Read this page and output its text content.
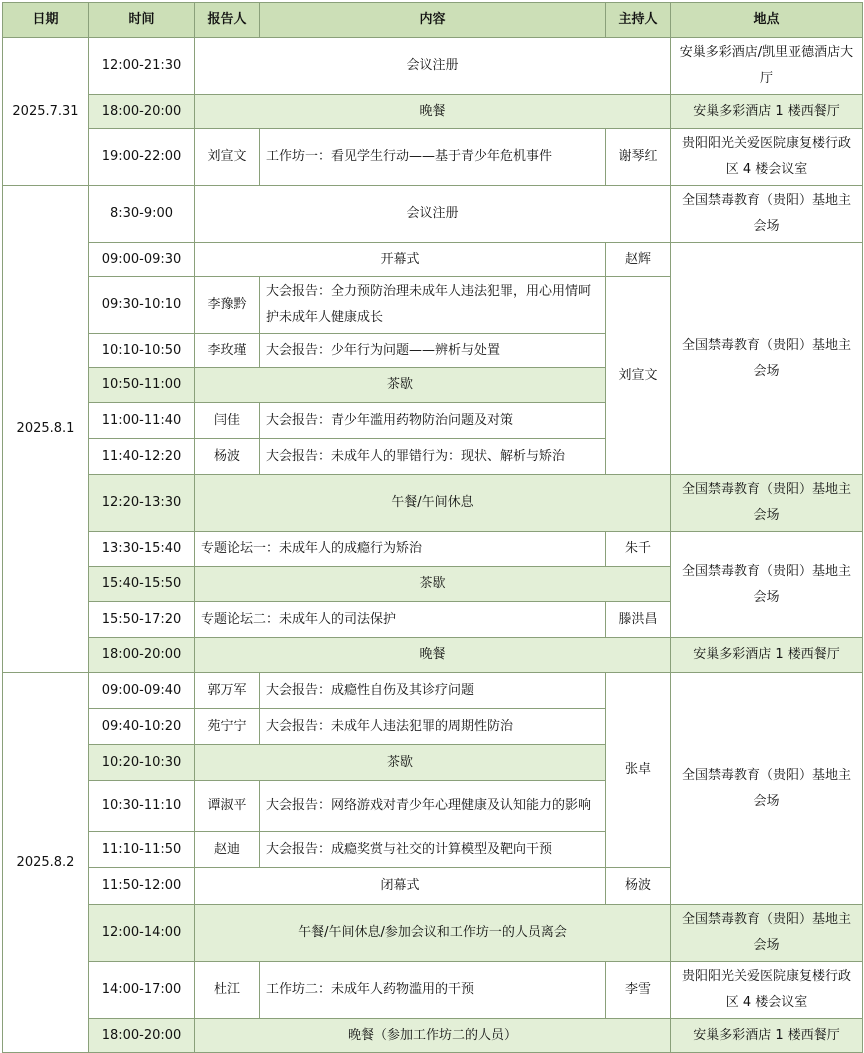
日期	时间	报告人	内容	主持人	地点
2025.7.31	12:00-21:30	会议注册			安巢多彩酒店/凯里亚德酒店大厅
	18:00-20:00	晚餐			安巢多彩酒店 1 楼西餐厅
	19:00-22:00	刘宣文	工作坊一：看见学生行动——基于青少年危机事件	谢琴红	贵阳阳光关爱医院康复楼行政区 4 楼会议室
2025.8.1	8:30-9:00	会议注册			全国禁毒教育（贵阳）基地主会场
	09:00-09:30	开幕式		赵辉	全国禁毒教育（贵阳）基地主会场
	09:30-10:10	李豫黔	大会报告：全力预防治理未成年人违法犯罪，用心用情呵护未成年人健康成长	刘宣文	
	10:10-10:50	李玫瑾	大会报告：少年行为问题——辨析与处置		
	10:50-11:00	茶歇			
	11:00-11:40	闫佳	大会报告：青少年滥用药物防治问题及对策		
	11:40-12:20	杨波	大会报告：未成年人的罪错行为：现状、解析与矫治		
	12:20-13:30	午餐/午间休息			全国禁毒教育（贵阳）基地主会场
	13:30-15:40	专题论坛一：未成年人的成瘾行为矫治		朱千	全国禁毒教育（贵阳）基地主会场
	15:40-15:50	茶歇			
	15:50-17:20	专题论坛二：未成年人的司法保护		滕洪昌	
	18:00-20:00	晚餐			安巢多彩酒店 1 楼西餐厅
2025.8.2	09:00-09:40	郭万军	大会报告：成瘾性自伤及其诊疗问题	张卓	全国禁毒教育（贵阳）基地主会场
	09:40-10:20	苑宁宁	大会报告：未成年人违法犯罪的周期性防治		
	10:20-10:30	茶歇			
	10:30-11:10	谭淑平	大会报告：网络游戏对青少年心理健康及认知能力的影响		
	11:10-11:50	赵迪	大会报告：成瘾奖赏与社交的计算模型及靶向干预		
	11:50-12:00	闭幕式		杨波	
	12:00-14:00	午餐/午间休息/参加会议和工作坊一的人员离会			全国禁毒教育（贵阳）基地主会场
	14:00-17:00	杜江	工作坊二：未成年人药物滥用的干预	李雪	贵阳阳光关爱医院康复楼行政区 4 楼会议室
	18:00-20:00	晚餐（参加工作坊二的人员）			安巢多彩酒店 1 楼西餐厅
